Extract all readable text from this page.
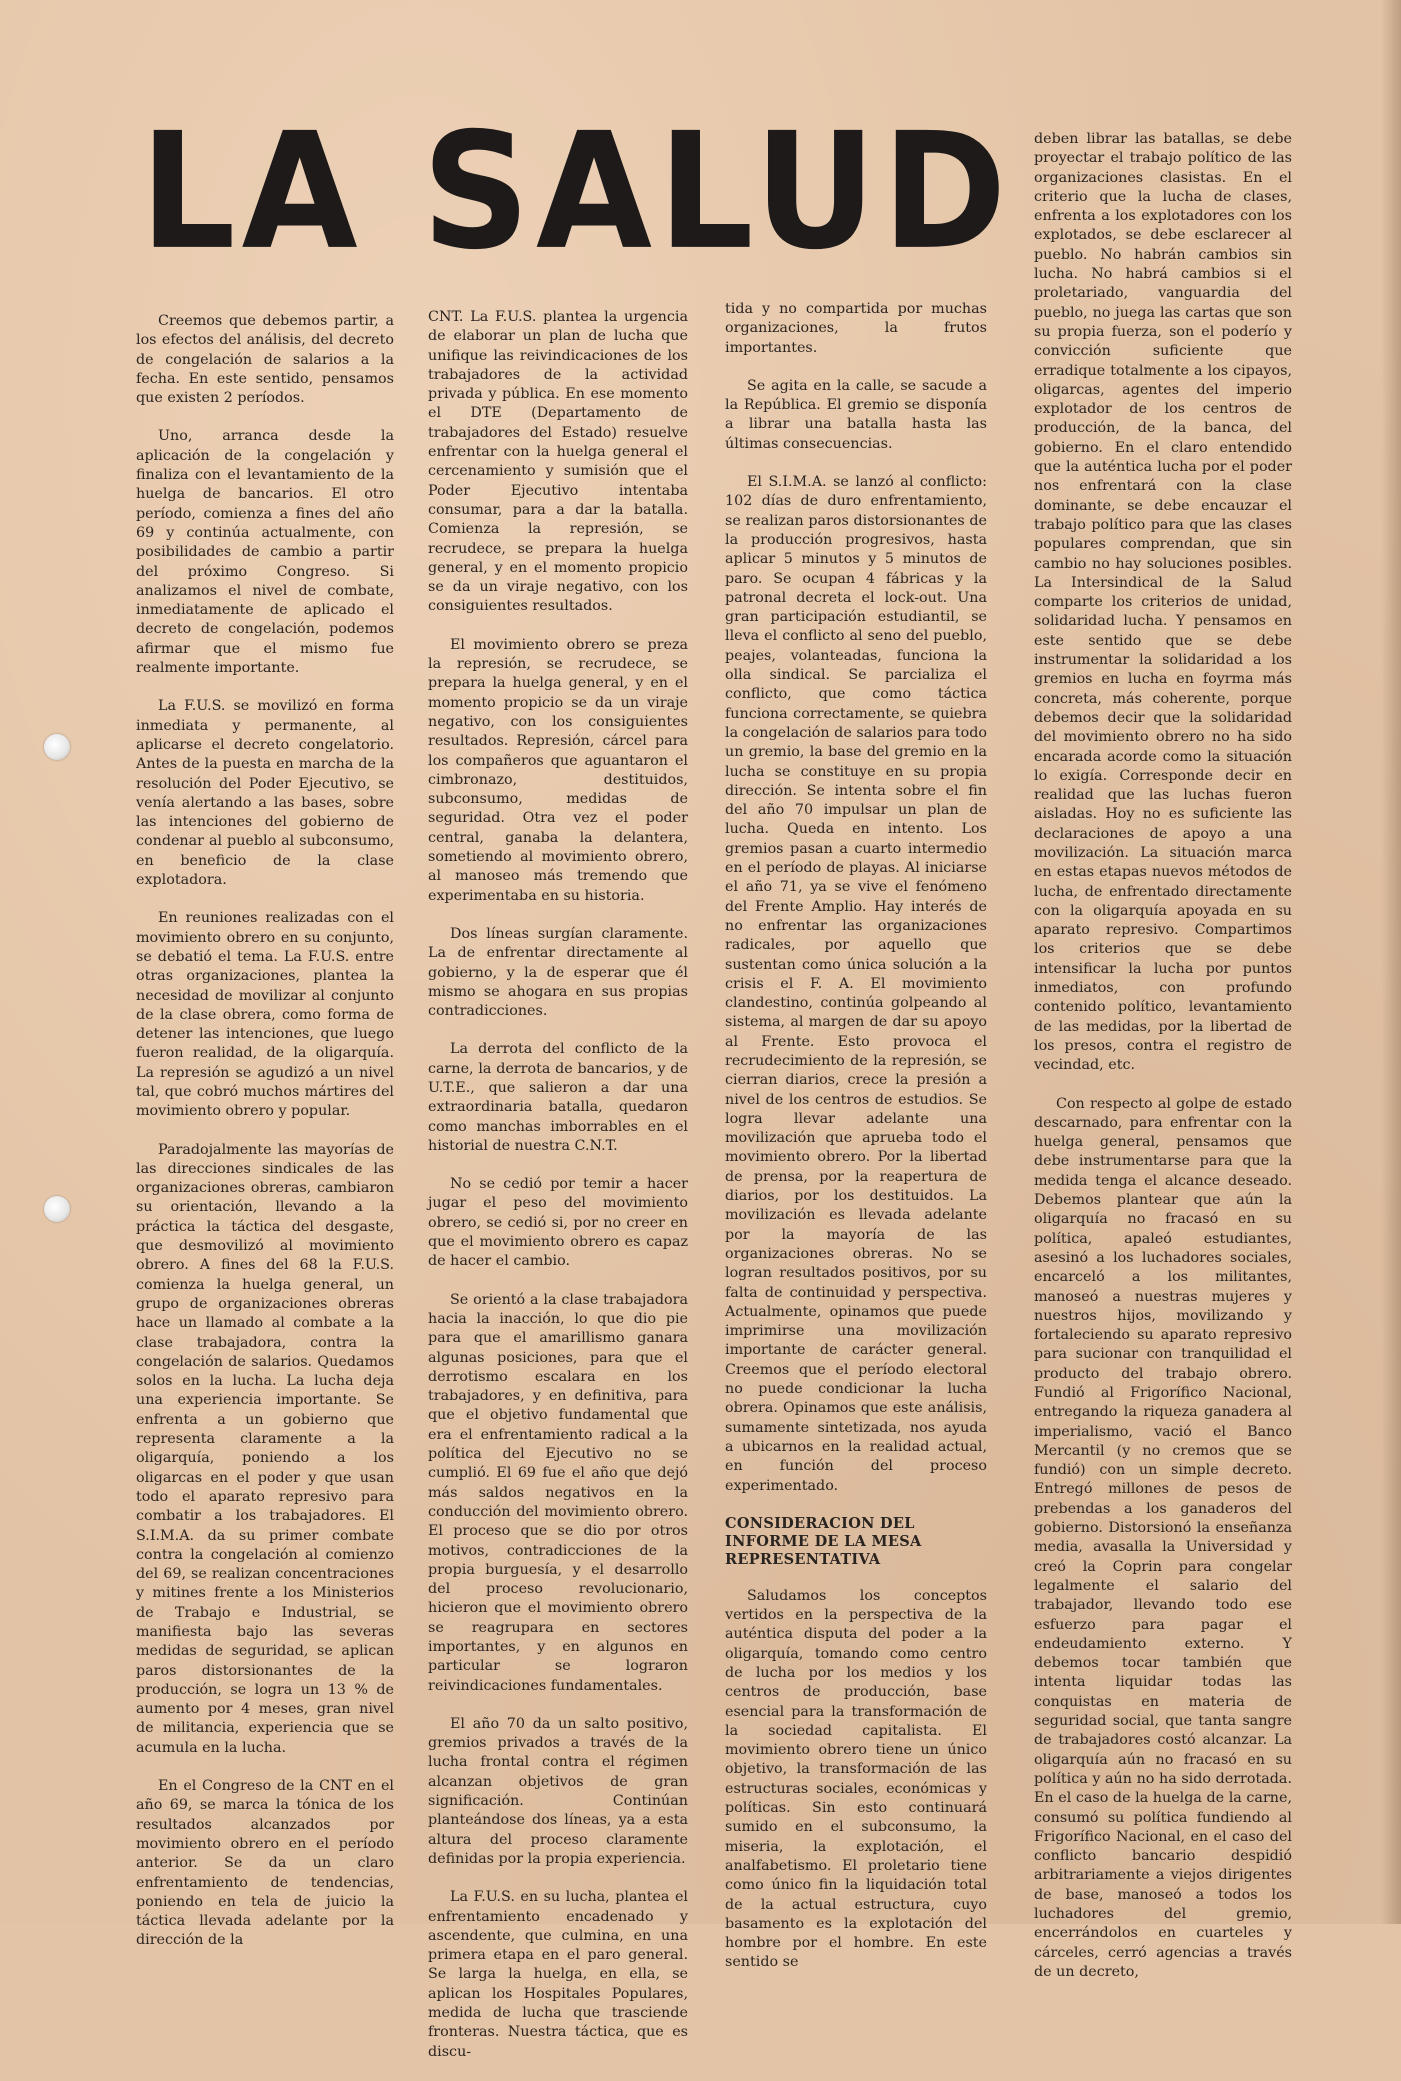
LA SALUD

Creemos que debemos partir, a los efectos del análisis, del decreto de congelación de salarios a la fecha. En este sentido, pensamos que existen 2 períodos.

Uno, arranca desde la aplicación de la congelación y finaliza con el levantamiento de la huelga de bancarios. El otro período, comienza a fines del año 69 y continúa actualmente, con posibilidades de cambio a partir del próximo Congreso. Si analizamos el nivel de combate, inmediatamente de aplicado el decreto de congelación, podemos afirmar que el mismo fue realmente importante.

La F.U.S. se movilizó en forma inmediata y permanente, al aplicarse el decreto congelatorio. Antes de la puesta en marcha de la resolución del Poder Ejecutivo, se venía alertando a las bases, sobre las intenciones del gobierno de condenar al pueblo al subconsumo, en beneficio de la clase explotadora.

En reuniones realizadas con el movimiento obrero en su conjunto, se debatió el tema. La F.U.S. entre otras organizaciones, plantea la necesidad de movilizar al conjunto de la clase obrera, como forma de detener las intenciones, que luego fueron realidad, de la oligarquía. La represión se agudizó a un nivel tal, que cobró muchos mártires del movimiento obrero y popular.

Paradojalmente las mayorías de las direcciones sindicales de las organizaciones obreras, cambiaron su orientación, llevando a la práctica la táctica del desgaste, que desmovilizó al movimiento obrero. A fines del 68 la F.U.S. comienza la huelga general, un grupo de organizaciones obreras hace un llamado al combate a la clase trabajadora, contra la congelación de salarios. Quedamos solos en la lucha. La lucha deja una experiencia importante. Se enfrenta a un gobierno que representa claramente a la oligarquía, poniendo a los oligarcas en el poder y que usan todo el aparato represivo para combatir a los trabajadores. El S.I.M.A. da su primer combate contra la congelación al comienzo del 69, se realizan concentraciones y mitines frente a los Ministerios de Trabajo e Industrial, se manifiesta bajo las severas medidas de seguridad, se aplican paros distorsionantes de la producción, se logra un 13 % de aumento por 4 meses, gran nivel de militancia, experiencia que se acumula en la lucha.

En el Congreso de la CNT en el año 69, se marca la tónica de los resultados alcanzados por movimiento obrero en el período anterior. Se da un claro enfrentamiento de tendencias, poniendo en tela de juicio la táctica llevada adelante por la dirección de la

CNT. La F.U.S. plantea la urgencia de elaborar un plan de lucha que unifique las reivindicaciones de los trabajadores de la actividad privada y pública. En ese momento el DTE (Departamento de trabajadores del Estado) resuelve enfrentar con la huelga general el cercenamiento y sumisión que el Poder Ejecutivo intentaba consumar, para a dar la batalla. Comienza la represión, se recrudece, se prepara la huelga general, y en el momento propicio se da un viraje negativo, con los consiguientes resultados.

El movimiento obrero se preza la represión, se recrudece, se prepara la huelga general, y en el momento propicio se da un viraje negativo, con los consiguientes resultados. Represión, cárcel para los compañeros que aguantaron el cimbronazo, destituidos, subconsumo, medidas de seguridad. Otra vez el poder central, ganaba la delantera, sometiendo al movimiento obrero, al manoseo más tremendo que experimentaba en su historia.

Dos líneas surgían claramente. La de enfrentar directamente al gobierno, y la de esperar que él mismo se ahogara en sus propias contradicciones.

La derrota del conflicto de la carne, la derrota de bancarios, y de U.T.E., que salieron a dar una extraordinaria batalla, quedaron como manchas imborrables en el historial de nuestra C.N.T.

No se cedió por temir a hacer jugar el peso del movimiento obrero, se cedió si, por no creer en que el movimiento obrero es capaz de hacer el cambio.

Se orientó a la clase trabajadora hacia la inacción, lo que dio pie para que el amarillismo ganara algunas posiciones, para que el derrotismo escalara en los trabajadores, y en definitiva, para que el objetivo fundamental que era el enfrentamiento radical a la política del Ejecutivo no se cumplió. El 69 fue el año que dejó más saldos negativos en la conducción del movimiento obrero. El proceso que se dio por otros motivos, contradicciones de la propia burguesía, y el desarrollo del proceso revolucionario, hicieron que el movimiento obrero se reagrupara en sectores importantes, y en algunos en particular se lograron reivindicaciones fundamentales.

El año 70 da un salto positivo, gremios privados a través de la lucha frontal contra el régimen alcanzan objetivos de gran significación. Continúan planteándose dos líneas, ya a esta altura del proceso claramente definidas por la propia experiencia.

La F.U.S. en su lucha, plantea el enfrentamiento encadenado y ascendente, que culmina, en una primera etapa en el paro general. Se larga la huelga, en ella, se aplican los Hospitales Populares, medida de lucha que trasciende fronteras. Nuestra táctica, que es discu-

tida y no compartida por muchas organizaciones, la frutos importantes.

Se agita en la calle, se sacude a la República. El gremio se disponía a librar una batalla hasta las últimas consecuencias.

El S.I.M.A. se lanzó al conflicto: 102 días de duro enfrentamiento, se realizan paros distorsionantes de la producción progresivos, hasta aplicar 5 minutos y 5 minutos de paro. Se ocupan 4 fábricas y la patronal decreta el lock-out. Una gran participación estudiantil, se lleva el conflicto al seno del pueblo, peajes, volanteadas, funciona la olla sindical. Se parcializa el conflicto, que como táctica funciona correctamente, se quiebra la congelación de salarios para todo un gremio, la base del gremio en la lucha se constituye en su propia dirección. Se intenta sobre el fin del año 70 impulsar un plan de lucha. Queda en intento. Los gremios pasan a cuarto intermedio en el período de playas. Al iniciarse el año 71, ya se vive el fenómeno del Frente Amplio. Hay interés de no enfrentar las organizaciones radicales, por aquello que sustentan como única solución a la crisis el F. A. El movimiento clandestino, continúa golpeando al sistema, al margen de dar su apoyo al Frente. Esto provoca el recrudecimiento de la represión, se cierran diarios, crece la presión a nivel de los centros de estudios. Se logra llevar adelante una movilización que aprueba todo el movimiento obrero. Por la libertad de prensa, por la reapertura de diarios, por los destituidos. La movilización es llevada adelante por la mayoría de las organizaciones obreras. No se logran resultados positivos, por su falta de continuidad y perspectiva. Actualmente, opinamos que puede imprimirse una movilización importante de carácter general. Creemos que el período electoral no puede condicionar la lucha obrera. Opinamos que este análisis, sumamente sintetizada, nos ayuda a ubicarnos en la realidad actual, en función del proceso experimentado.

CONSIDERACION DEL INFORME DE LA MESA REPRESENTATIVA

Saludamos los conceptos vertidos en la perspectiva de la auténtica disputa del poder a la oligarquía, tomando como centro de lucha por los medios y los centros de producción, base esencial para la transformación de la sociedad capitalista. El movimiento obrero tiene un único objetivo, la transformación de las estructuras sociales, económicas y políticas. Sin esto continuará sumido en el subconsumo, la miseria, la explotación, el analfabetismo. El proletario tiene como único fin la liquidación total de la actual estructura, cuyo basamento es la explotación del hombre por el hombre. En este sentido se

deben librar las batallas, se debe proyectar el trabajo político de las organizaciones clasistas. En el criterio que la lucha de clases, enfrenta a los explotadores con los explotados, se debe esclarecer al pueblo. No habrán cambios sin lucha. No habrá cambios si el proletariado, vanguardia del pueblo, no juega las cartas que son su propia fuerza, son el poderío y convicción suficiente que erradique totalmente a los cipayos, oligarcas, agentes del imperio explotador de los centros de producción, de la banca, del gobierno. En el claro entendido que la auténtica lucha por el poder nos enfrentará con la clase dominante, se debe encauzar el trabajo político para que las clases populares comprendan, que sin cambio no hay soluciones posibles. La Intersindical de la Salud comparte los criterios de unidad, solidaridad lucha. Y pensamos en este sentido que se debe instrumentar la solidaridad a los gremios en lucha en foyrma más concreta, más coherente, porque debemos decir que la solidaridad del movimiento obrero no ha sido encarada acorde como la situación lo exigía. Corresponde decir en realidad que las luchas fueron aisladas. Hoy no es suficiente las declaraciones de apoyo a una movilización. La situación marca en estas etapas nuevos métodos de lucha, de enfrentado directamente con la oligarquía apoyada en su aparato represivo. Compartimos los criterios que se debe intensificar la lucha por puntos inmediatos, con profundo contenido político, levantamiento de las medidas, por la libertad de los presos, contra el registro de vecindad, etc.

Con respecto al golpe de estado descarnado, para enfrentar con la huelga general, pensamos que debe instrumentarse para que la medida tenga el alcance deseado. Debemos plantear que aún la oligarquía no fracasó en su política, apaleó estudiantes, asesinó a los luchadores sociales, encarceló a los militantes, manoseó a nuestras mujeres y nuestros hijos, movilizando y fortaleciendo su aparato represivo para sucionar con tranquilidad el producto del trabajo obrero. Fundió al Frigorífico Nacional, entregando la riqueza ganadera al imperialismo, vació el Banco Mercantil (y no cremos que se fundió) con un simple decreto. Entregó millones de pesos de prebendas a los ganaderos del gobierno. Distorsionó la enseñanza media, avasalla la Universidad y creó la Coprin para congelar legalmente el salario del trabajador, llevando todo ese esfuerzo para pagar el endeudamiento externo. Y debemos tocar también que intenta liquidar todas las conquistas en materia de seguridad social, que tanta sangre de trabajadores costó alcanzar. La oligarquía aún no fracasó en su política y aún no ha sido derrotada. En el caso de la huelga de la carne, consumó su política fundiendo al Frigorífico Nacional, en el caso del conflicto bancario despidió arbitrariamente a viejos dirigentes de base, manoseó a todos los luchadores del gremio, encerrándolos en cuarteles y cárceles, cerró agencias a través de un decreto,
